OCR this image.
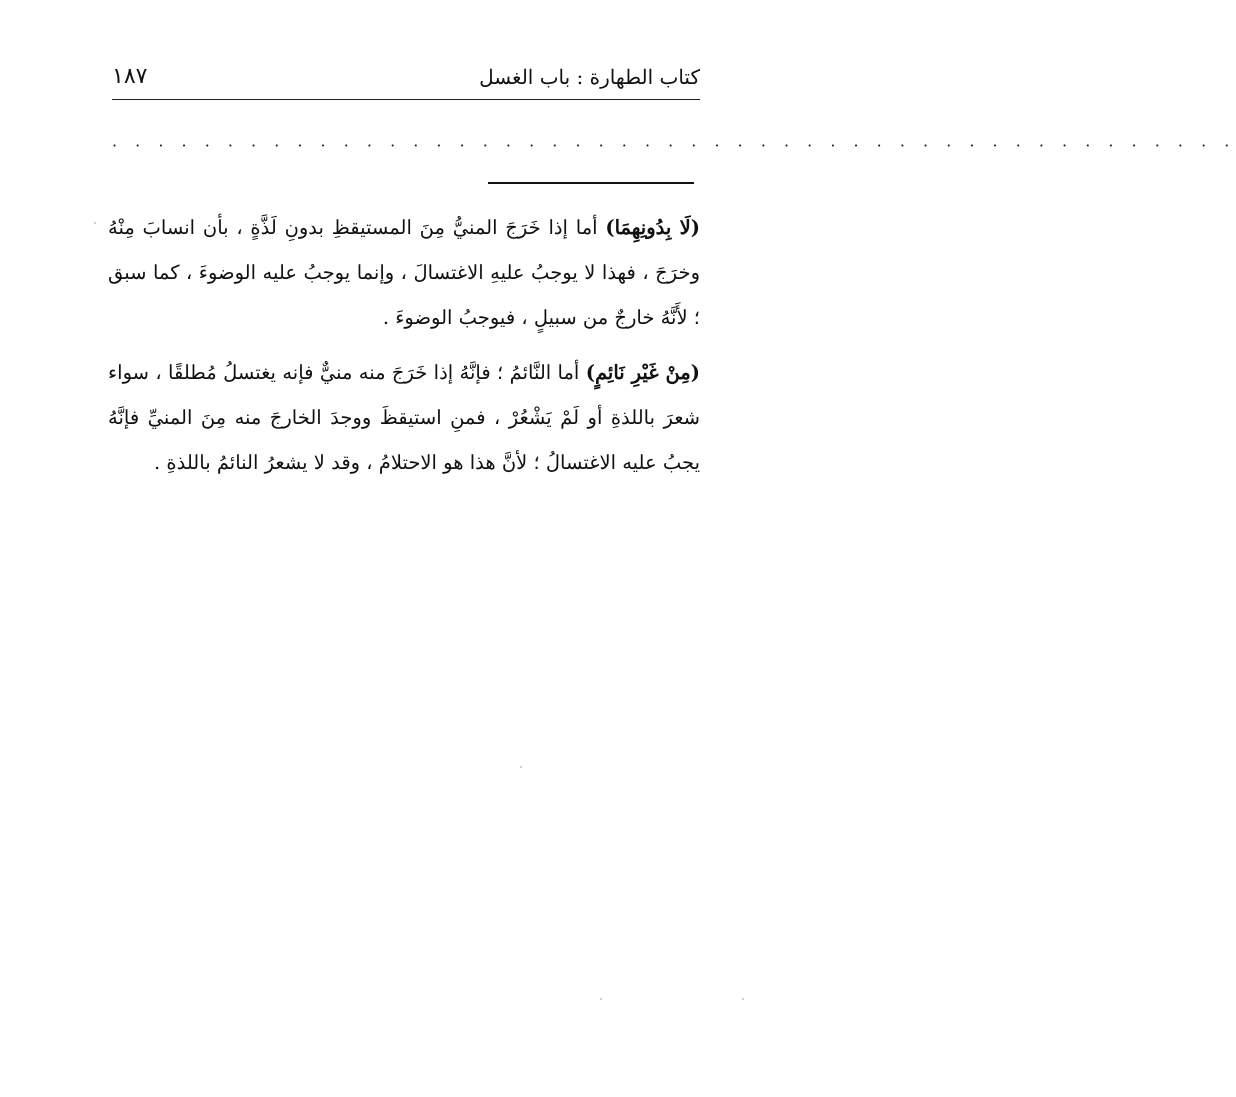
كتاب الطهارة : باب الغسل
١٨٧
· · · · · · · · · · · · · · · · · · · · · · · · · · · · · · · · · · · · · · · · · · · · · · · · ·

(لَا بِدُونِهِمَا) أما إذا خَرَجَ المنيُّ مِنَ المستيقظِ بدونِ لَذَّةٍ ، بأن انسابَ مِنْهُ وخرَجَ ، فهذا لا يوجبُ عليهِ الاغتسالَ ، وإنما يوجبُ عليه الوضوءَ ، كما سبق ؛ لأَنَّهُ خارجٌ من سبيلٍ ، فيوجبُ الوضوءَ .

(مِنْ غَيْرِ نَائِمٍ) أما النَّائمُ ؛ فإنَّهُ إذا خَرَجَ منه منيٌّ فإنه يغتسلُ مُطلقًا ، سواء شعرَ باللذةِ أو لَمْ يَشْعُرْ ، فمنِ استيقظَ ووجدَ الخارجَ منه مِنَ المنيِّ فإنَّهُ يجبُ عليه الاغتسالُ ؛ لأنَّ هذا هو الاحتلامُ ، وقد لا يشعرُ النائمُ باللذةِ .
